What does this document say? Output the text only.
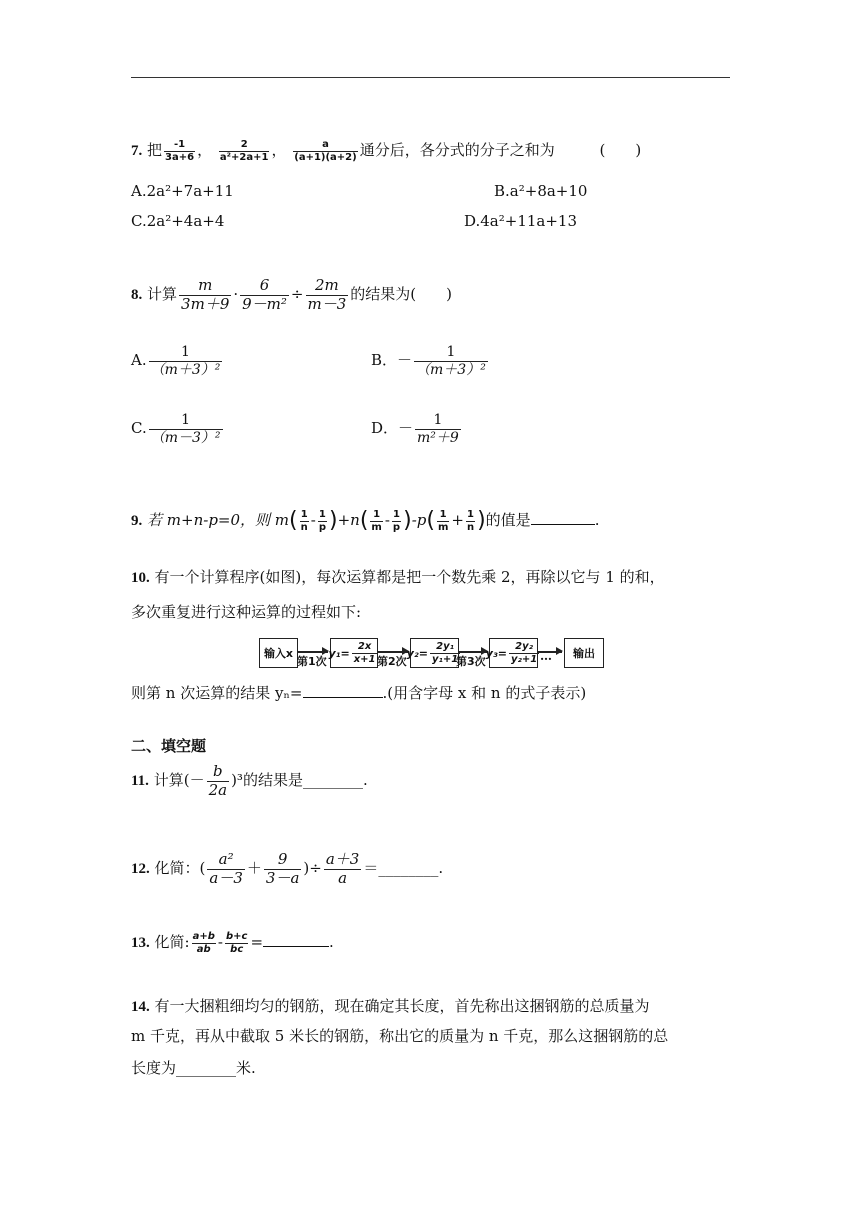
7. 把 $\frac{-1}{3a+6}$ ， $\frac{2}{\text{a²+2a+1}}$ ， $\frac{a}{(a+1)(a+2)}$ 通分后，各分式的分子之和为	(　　)
A.2a²+7a+11	B.a²+8a+10
C.2a²+4a+4	D.4a²+11a+13
8. 计算 $\frac{m}{3m+9} \cdot \frac{6}{\text{9－m²}} \div \frac{2m}{m-3}$ 的结果为(　　)
A. $\frac{1}{\text{（m＋3）²}}$	B．－ $\frac{1}{\text{（m＋3）²}}$
C. $\frac{1}{\text{（m－3）²}}$	D．－ $\frac{1}{\text{m²＋9}}$
9. 若 m+n-p=0，则 $m( \frac{1}{n} - \frac{1}{p} )+n( \frac{1}{m} - \frac{1}{p} )-p( \frac{1}{m} + \frac{1}{n}$ )的值是	.
10. 有一个计算程序(如图)，每次运算都是把一个数先乘 2，再除以它与 1 的和，
多次重复进行这种运算的过程如下:
输入x
第1次
$y_1= \frac{2x}{x+1}$ 第2次
$y_2= \frac{\text{2y₁}}{\text{y₁+1}}$
第3次
$y_3= \frac{\text{2y₂}}{\text{y₂+1}}$ …	输出
则第 n 次运算的结果 yₙ=	.(用含字母 x 和 n 的式子表示)
二、填空题
11. 计算(－ $\frac{b}{2a} )^3$的结果是________.
12. 化简：( $\frac{\text{a²}}{a-3} + \frac{9}{3-a}$ )÷ $\frac{a+3}{a}$ ＝________.
13. 化简: $\frac{a+b}{ab} - \frac{b+c}{bc}$ =	.
14. 有一大捆粗细均匀的钢筋，现在确定其长度，首先称出这捆钢筋的总质量为
m 千克，再从中截取 5 米长的钢筋，称出它的质量为 n 千克，那么这捆钢筋的总
长度为________米.
